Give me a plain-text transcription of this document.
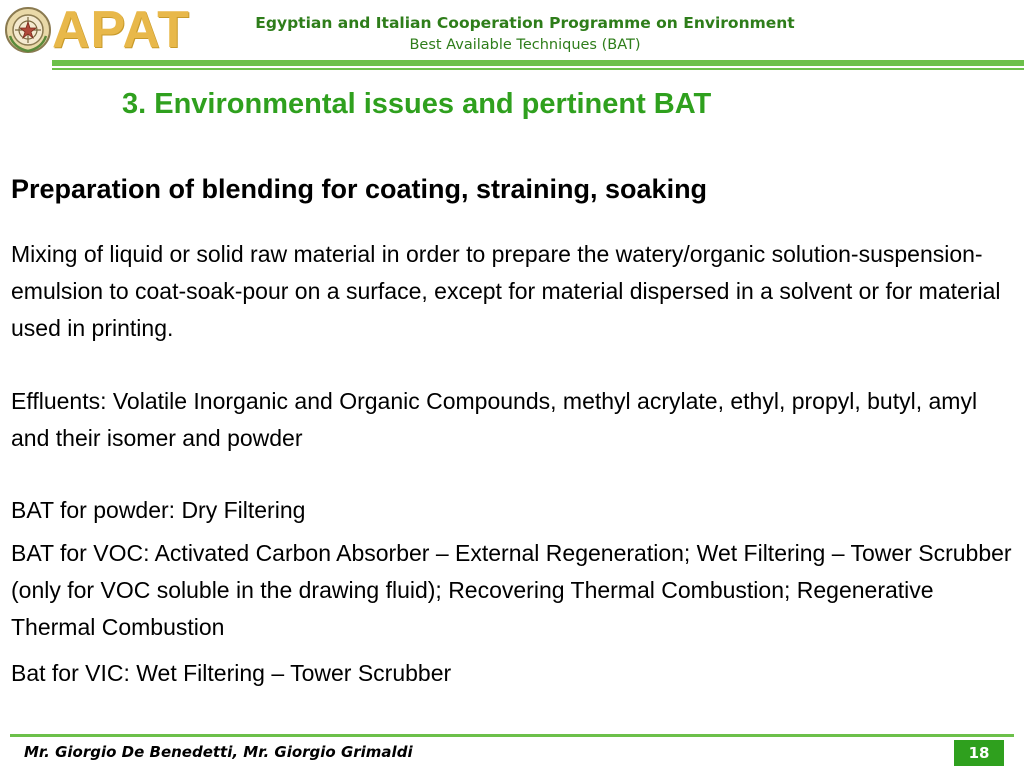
APAT	Egyptian and Italian Cooperation Programme on Environment
Best Available Techniques (BAT)
3. Environmental issues and pertinent BAT
Preparation of blending for coating, straining, soaking

Mixing of liquid or solid raw material in order to prepare the watery/organic solution-suspension-emulsion to coat-soak-pour on a surface, except for material dispersed in a solvent or for material used in printing.

Effluents: Volatile Inorganic and Organic Compounds, methyl acrylate, ethyl, propyl, butyl, amyl and their isomer and powder

BAT for powder: Dry Filtering

BAT for VOC: Activated Carbon Absorber – External Regeneration; Wet Filtering – Tower Scrubber (only for VOC soluble in the drawing fluid); Recovering Thermal Combustion; Regenerative Thermal Combustion

Bat for VIC: Wet Filtering – Tower Scrubber

Mr. Giorgio De Benedetti, Mr. Giorgio Grimaldi	18
